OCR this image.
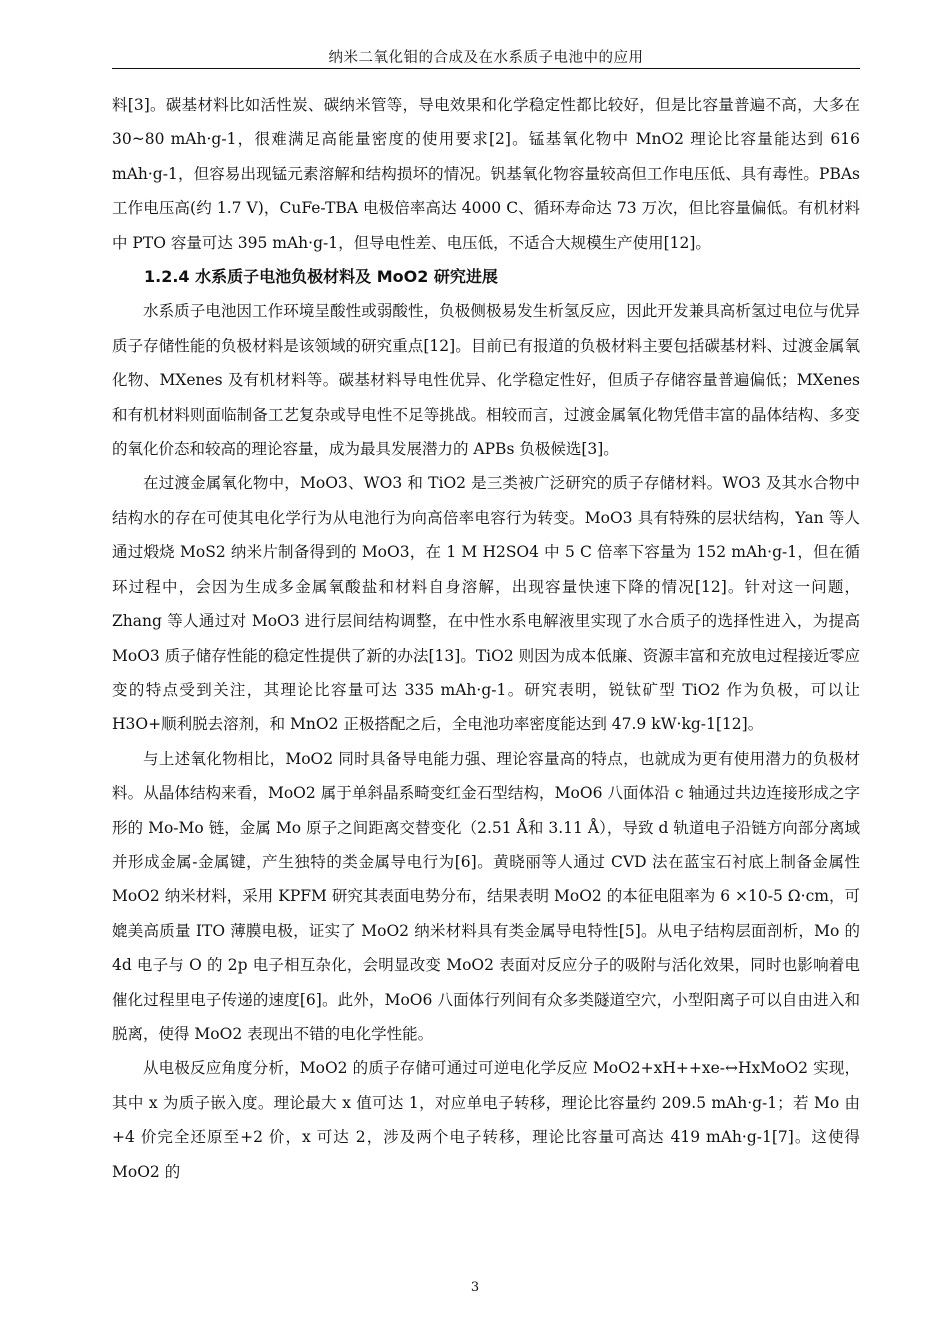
纳米二氧化钼的合成及在水系质子电池中的应用

料[3]。碳基材料比如活性炭、碳纳米管等，导电效果和化学稳定性都比较好，但是比容量普遍不高，大多在 30~80 mAh·g-1，很难满足高能量密度的使用要求[2]。锰基氧化物中 MnO2 理论比容量能达到 616 mAh·g-1，但容易出现锰元素溶解和结构损坏的情况。钒基氧化物容量较高但工作电压低、具有毒性。PBAs 工作电压高(约 1.7 V)，CuFe-TBA 电极倍率高达 4000 C、循环寿命达 73 万次，但比容量偏低。有机材料中 PTO 容量可达 395 mAh·g-1，但导电性差、电压低，不适合大规模生产使用[12]。

1.2.4 水系质子电池负极材料及 MoO2 研究进展

水系质子电池因工作环境呈酸性或弱酸性，负极侧极易发生析氢反应，因此开发兼具高析氢过电位与优异质子存储性能的负极材料是该领域的研究重点[12]。目前已有报道的负极材料主要包括碳基材料、过渡金属氧化物、MXenes 及有机材料等。碳基材料导电性优异、化学稳定性好，但质子存储容量普遍偏低；MXenes 和有机材料则面临制备工艺复杂或导电性不足等挑战。相较而言，过渡金属氧化物凭借丰富的晶体结构、多变的氧化价态和较高的理论容量，成为最具发展潜力的 APBs 负极候选[3]。

在过渡金属氧化物中，MoO3、WO3 和 TiO2 是三类被广泛研究的质子存储材料。WO3 及其水合物中结构水的存在可使其电化学行为从电池行为向高倍率电容行为转变。MoO3 具有特殊的层状结构，Yan 等人通过煅烧 MoS2 纳米片制备得到的 MoO3，在 1 M H2SO4 中 5 C 倍率下容量为 152 mAh·g-1，但在循环过程中，会因为生成多金属氧酸盐和材料自身溶解，出现容量快速下降的情况[12]。针对这一问题，Zhang 等人通过对 MoO3 进行层间结构调整，在中性水系电解液里实现了水合质子的选择性进入，为提高 MoO3 质子储存性能的稳定性提供了新的办法[13]。TiO2 则因为成本低廉、资源丰富和充放电过程接近零应变的特点受到关注，其理论比容量可达 335 mAh·g-1。研究表明，锐钛矿型 TiO2 作为负极，可以让 H3O+顺利脱去溶剂，和 MnO2 正极搭配之后，全电池功率密度能达到 47.9 kW·kg-1[12]。

与上述氧化物相比，MoO2 同时具备导电能力强、理论容量高的特点，也就成为更有使用潜力的负极材料。从晶体结构来看，MoO2 属于单斜晶系畸变红金石型结构，MoO6 八面体沿 c 轴通过共边连接形成之字形的 Mo-Mo 链，金属 Mo 原子之间距离交替变化（2.51 Å和 3.11 Å），导致 d 轨道电子沿链方向部分离域并形成金属-金属键，产生独特的类金属导电行为[6]。黄晓丽等人通过 CVD 法在蓝宝石衬底上制备金属性 MoO2 纳米材料，采用 KPFM 研究其表面电势分布，结果表明 MoO2 的本征电阻率为 6 ×10-5 Ω·cm，可媲美高质量 ITO 薄膜电极，证实了 MoO2 纳米材料具有类金属导电特性[5]。从电子结构层面剖析，Mo 的 4d 电子与 O 的 2p 电子相互杂化，会明显改变 MoO2 表面对反应分子的吸附与活化效果，同时也影响着电催化过程里电子传递的速度[6]。此外，MoO6 八面体行列间有众多类隧道空穴，小型阳离子可以自由进入和脱离，使得 MoO2 表现出不错的电化学性能。

从电极反应角度分析，MoO2 的质子存储可通过可逆电化学反应 MoO2+xH++xe-↔HxMoO2 实现，其中 x 为质子嵌入度。理论最大 x 值可达 1，对应单电子转移，理论比容量约 209.5 mAh·g-1；若 Mo 由+4 价完全还原至+2 价，x 可达 2，涉及两个电子转移，理论比容量可高达 419 mAh·g-1[7]。这使得 MoO2 的

3
